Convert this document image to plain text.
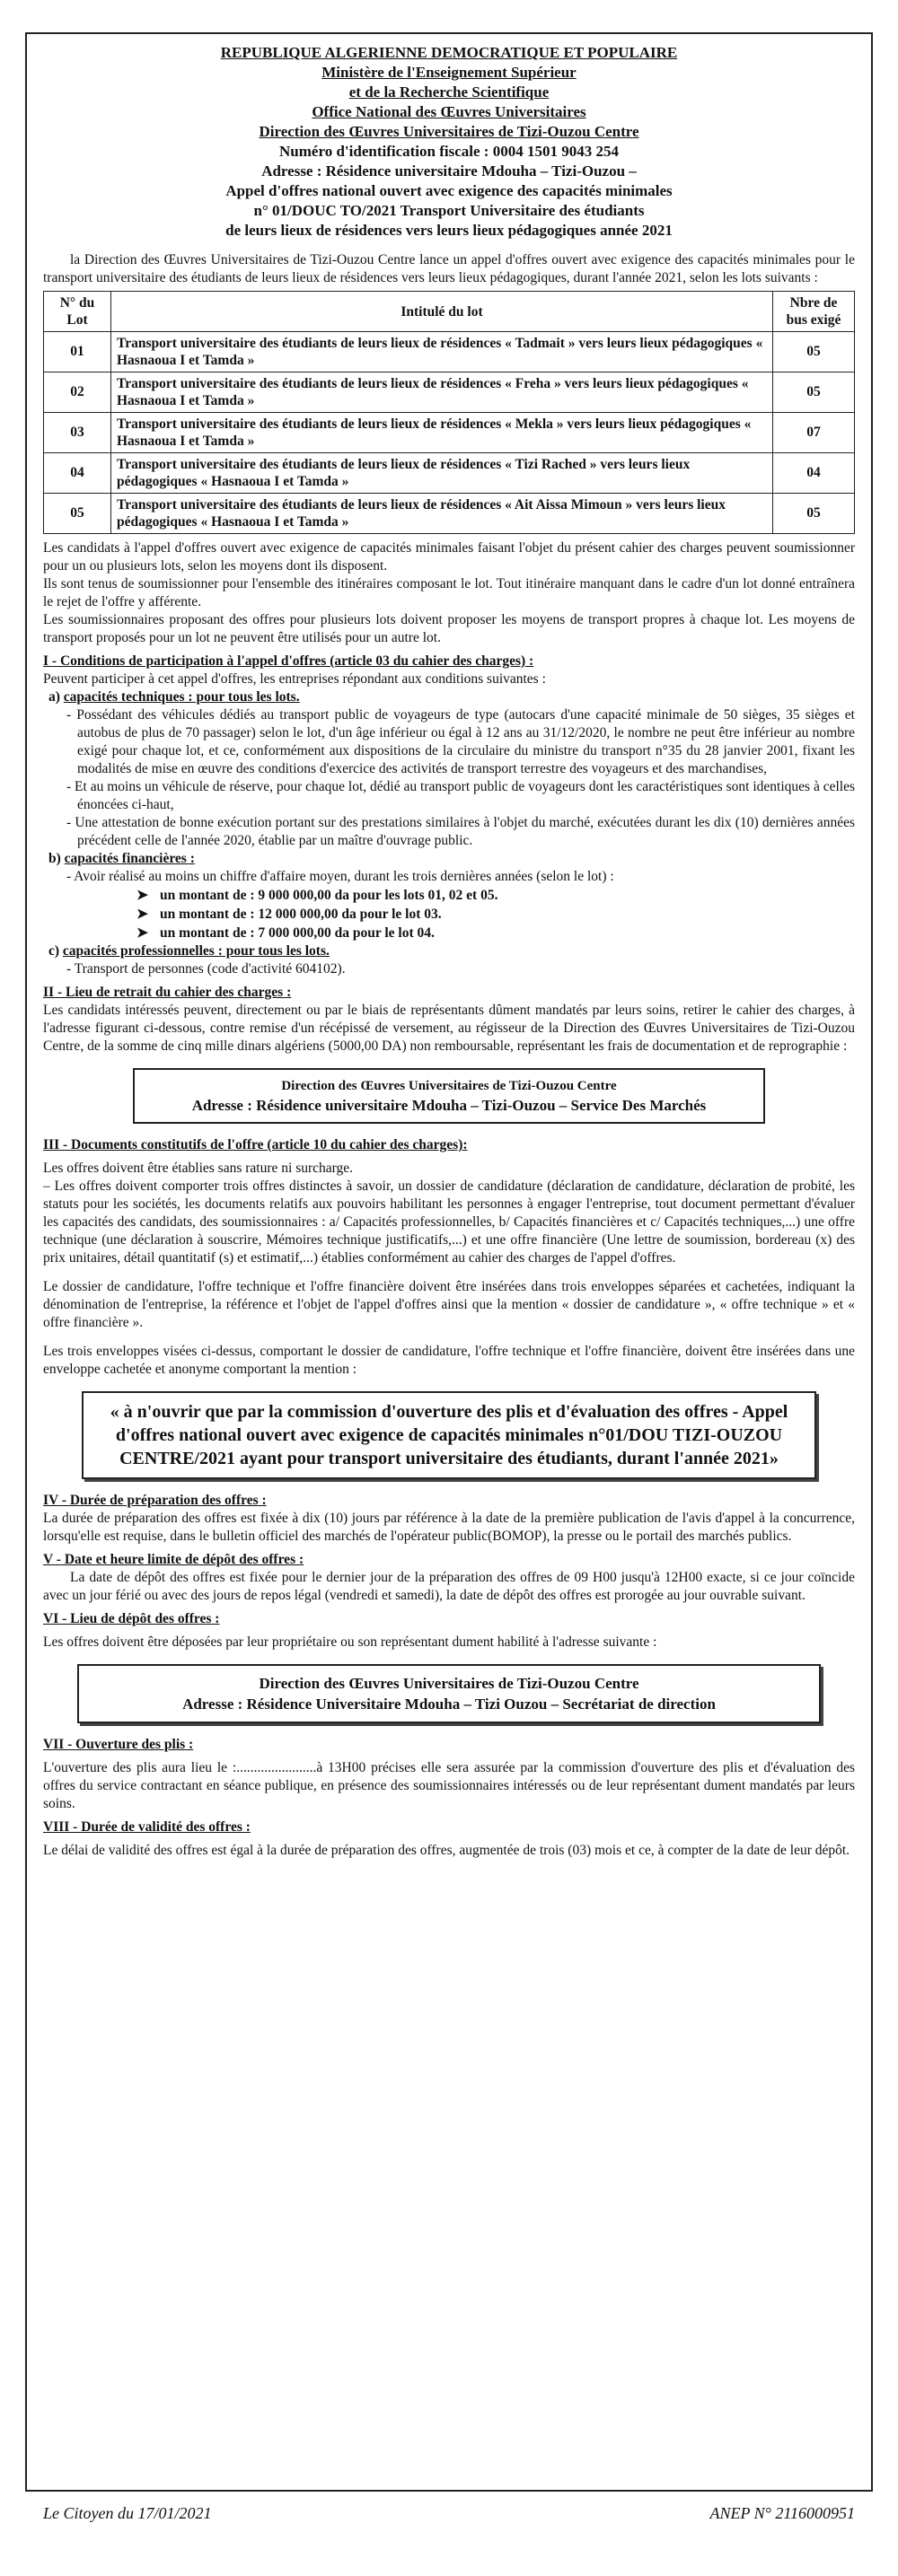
REPUBLIQUE ALGERIENNE DEMOCRATIQUE ET POPULAIRE
Ministère de l'Enseignement Supérieur
et de la Recherche Scientifique
Office National des Œuvres Universitaires
Direction des Œuvres Universitaires de Tizi-Ouzou Centre
Numéro d'identification fiscale : 0004 1501 9043 254
Adresse : Résidence universitaire Mdouha – Tizi-Ouzou –
Appel d'offres national ouvert avec exigence des capacités minimales
n° 01/DOUC TO/2021 Transport Universitaire des étudiants
de leurs lieux de résidences vers leurs lieux pédagogiques année 2021

la Direction des Œuvres Universitaires de Tizi-Ouzou Centre lance un appel d'offres ouvert avec exigence des capacités minimales pour le transport universitaire des étudiants de leurs lieux de résidences vers leurs lieux pédagogiques, durant l'année 2021, selon les lots suivants :

N° du Lot	Intitulé du lot	Nbre de bus exigé
01	Transport universitaire des étudiants de leurs lieux de résidences « Tadmait » vers leurs lieux pédagogiques « Hasnaoua I et Tamda »	05
02	Transport universitaire des étudiants de leurs lieux de résidences « Freha » vers leurs lieux pédagogiques « Hasnaoua I et Tamda »	05
03	Transport universitaire des étudiants de leurs lieux de résidences « Mekla » vers leurs lieux pédagogiques « Hasnaoua I et Tamda »	07
04	Transport universitaire des étudiants de leurs lieux de résidences « Tizi Rached » vers leurs lieux pédagogiques « Hasnaoua I et Tamda »	04
05	Transport universitaire des étudiants de leurs lieux de résidences « Ait Aissa Mimoun » vers leurs lieux pédagogiques « Hasnaoua I et Tamda »	05

Les candidats à l'appel d'offres ouvert avec exigence de capacités minimales faisant l'objet du présent cahier des charges peuvent soumissionner pour un ou plusieurs lots, selon les moyens dont ils disposent.

Ils sont tenus de soumissionner pour l'ensemble des itinéraires composant le lot. Tout itinéraire manquant dans le cadre d'un lot donné entraînera le rejet de l'offre y afférente.

Les soumissionnaires proposant des offres pour plusieurs lots doivent proposer les moyens de transport propres à chaque lot. Les moyens de transport proposés pour un lot ne peuvent être utilisés pour un autre lot.

I - Conditions de participation à l'appel d'offres (article 03 du cahier des charges) :

Peuvent participer à cet appel d'offres, les entreprises répondant aux conditions suivantes :

a) capacités techniques : pour tous les lots.
- Possédant des véhicules dédiés au transport public de voyageurs de type (autocars d'une capacité minimale de 50 sièges, 35 sièges et autobus de plus de 70 passager) selon le lot, d'un âge inférieur ou égal à 12 ans au 31/12/2020, le nombre ne peut être inférieur au nombre exigé pour chaque lot, et ce, conformément aux dispositions de la circulaire du ministre du transport n°35 du 28 janvier 2001, fixant les modalités de mise en œuvre des conditions d'exercice des activités de transport terrestre des voyageurs et des marchandises,
- Et au moins un véhicule de réserve, pour chaque lot, dédié au transport public de voyageurs dont les caractéristiques sont identiques à celles énoncées ci-haut,
- Une attestation de bonne exécution portant sur des prestations similaires à l'objet du marché, exécutées durant les dix (10) dernières années précédent celle de l'année 2020, établie par un maître d'ouvrage public.
b) capacités financières :
- Avoir réalisé au moins un chiffre d'affaire moyen, durant les trois dernières années (selon le lot) :
➤ un montant de : 9 000 000,00 da pour les lots 01, 02 et 05.
➤ un montant de : 12 000 000,00 da pour le lot 03.
➤ un montant de : 7 000 000,00 da pour le lot 04.
c) capacités professionnelles : pour tous les lots.
- Transport de personnes (code d'activité 604102).
II - Lieu de retrait du cahier des charges :

Les candidats intéressés peuvent, directement ou par le biais de représentants dûment mandatés par leurs soins, retirer le cahier des charges, à l'adresse figurant ci-dessous, contre remise d'un récépissé de versement, au régisseur de la Direction des Œuvres Universitaires de Tizi-Ouzou Centre, de la somme de cinq mille dinars algériens (5000,00 DA) non remboursable, représentant les frais de documentation et de reprographie :

Direction des Œuvres Universitaires de Tizi-Ouzou Centre
Adresse : Résidence universitaire Mdouha – Tizi-Ouzou – Service Des Marchés
III - Documents constitutifs de l'offre (article 10 du cahier des charges):

Les offres doivent être établies sans rature ni surcharge.

– Les offres doivent comporter trois offres distinctes à savoir, un dossier de candidature (déclaration de candidature, déclaration de probité, les statuts pour les sociétés, les documents relatifs aux pouvoirs habilitant les personnes à engager l'entreprise, tout document permettant d'évaluer les capacités des candidats, des soumissionnaires : a/ Capacités professionnelles, b/ Capacités financières et c/ Capacités techniques,...) une offre technique (une déclaration à souscrire, Mémoires technique justificatifs,...) et une offre financière (Une lettre de soumission, bordereau (x) des prix unitaires, détail quantitatif (s) et estimatif,...) établies conformément au cahier des charges de l'appel d'offres.

Le dossier de candidature, l'offre technique et l'offre financière doivent être insérées dans trois enveloppes séparées et cachetées, indiquant la dénomination de l'entreprise, la référence et l'objet de l'appel d'offres ainsi que la mention « dossier de candidature », « offre technique » et « offre financière ».

Les trois enveloppes visées ci-dessus, comportant le dossier de candidature, l'offre technique et l'offre financière, doivent être insérées dans une enveloppe cachetée et anonyme comportant la mention :

« à n'ouvrir que par la commission d'ouverture des plis et d'évaluation des offres - Appel d'offres national ouvert avec exigence de capacités minimales n°01/DOU TIZI-OUZOU CENTRE/2021 ayant pour transport universitaire des étudiants, durant l'année 2021»
IV - Durée de préparation des offres :

La durée de préparation des offres est fixée à dix (10) jours par référence à la date de la première publication de l'avis d'appel à la concurrence, lorsqu'elle est requise, dans le bulletin officiel des marchés de l'opérateur public(BOMOP), la presse ou le portail des marchés publics.

V - Date et heure limite de dépôt des offres :

La date de dépôt des offres est fixée pour le dernier jour de la préparation des offres de 09 H00 jusqu'à 12H00 exacte, si ce jour coïncide avec un jour férié ou avec des jours de repos légal (vendredi et samedi), la date de dépôt des offres est prorogée au jour ouvrable suivant.

VI - Lieu de dépôt des offres :

Les offres doivent être déposées par leur propriétaire ou son représentant dument habilité à l'adresse suivante :

Direction des Œuvres Universitaires de Tizi-Ouzou Centre
Adresse : Résidence Universitaire Mdouha – Tizi Ouzou – Secrétariat de direction
VII - Ouverture des plis :

L'ouverture des plis aura lieu le :.......................à 13H00 précises elle sera assurée par la commission d'ouverture des plis et d'évaluation des offres du service contractant en séance publique, en présence des soumissionnaires intéressés ou de leur représentant dument mandatés par leurs soins.

VIII - Durée de validité des offres :

Le délai de validité des offres est égal à la durée de préparation des offres, augmentée de trois (03) mois et ce, à compter de la date de leur dépôt.

Le Citoyen du 17/01/2021	ANEP N° 2116000951
